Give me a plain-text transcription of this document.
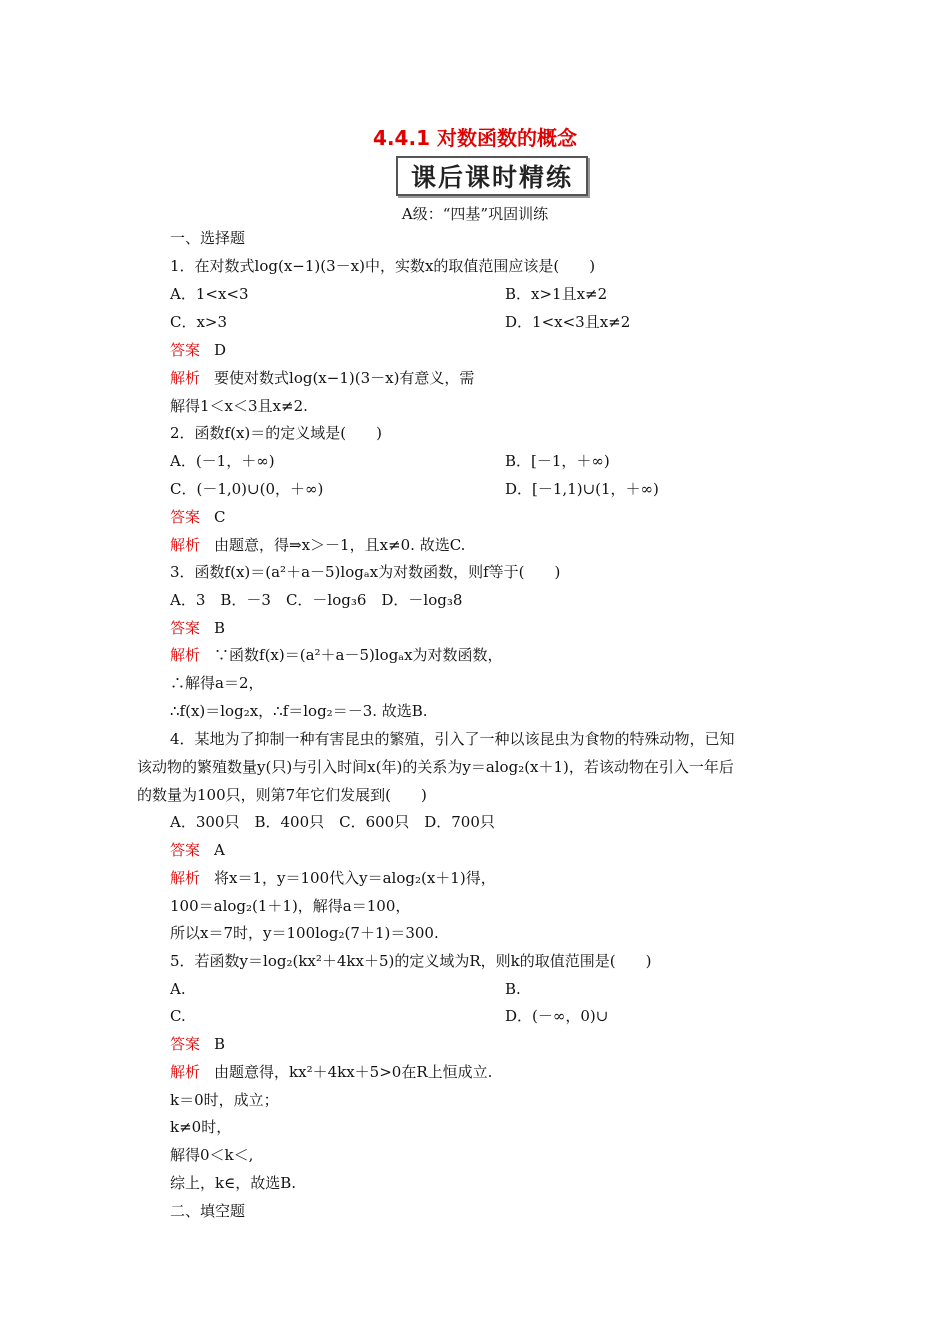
4.4.1 对数函数的概念
课后课时精练
A级：“四基”巩固训练
一、选择题
1．在对数式log(x−1)(3－x)中，实数x的取值范围应该是(　　)
A．1<x<3	B．x>1且x≠2
C．x>3	D．1<x<3且x≠2
答案 D
解析 要使对数式log(x−1)(3－x)有意义，需
解得1＜x＜3且x≠2.
2．函数f(x)＝的定义域是(　　)
A．(－1，＋∞)	B．[－1，＋∞)
C．(－1,0)∪(0，＋∞)	D．[－1,1)∪(1，＋∞)
答案 C
解析 由题意，得⇒x＞－1，且x≠0. 故选C.
3．函数f(x)＝(a²＋a－5)logₐx为对数函数，则f等于(　　)
A．3　B．－3　C．－log₃6　D．－log₃8
答案 B
解析 ∵函数f(x)＝(a²＋a－5)logₐx为对数函数，
∴解得a＝2，
∴f(x)＝log₂x，∴f＝log₂＝－3. 故选B.
4．某地为了抑制一种有害昆虫的繁殖，引入了一种以该昆虫为食物的特殊动物，已知
该动物的繁殖数量y(只)与引入时间x(年)的关系为y＝alog₂(x＋1)，若该动物在引入一年后
的数量为100只，则第7年它们发展到(　　)
A．300只　B．400只　C．600只　D．700只
答案 A
解析 将x＝1，y＝100代入y＝alog₂(x＋1)得，
100＝alog₂(1＋1)，解得a＝100，
所以x＝7时，y＝100log₂(7＋1)＝300.
5．若函数y＝log₂(kx²＋4kx＋5)的定义域为R，则k的取值范围是(　　)
A.	B.
C.	D．(－∞，0)∪
答案 B
解析 由题意得，kx²＋4kx＋5>0在R上恒成立.
k＝0时，成立；
k≠0时，
解得0＜k＜,
综上，k∈，故选B.
二、填空题
